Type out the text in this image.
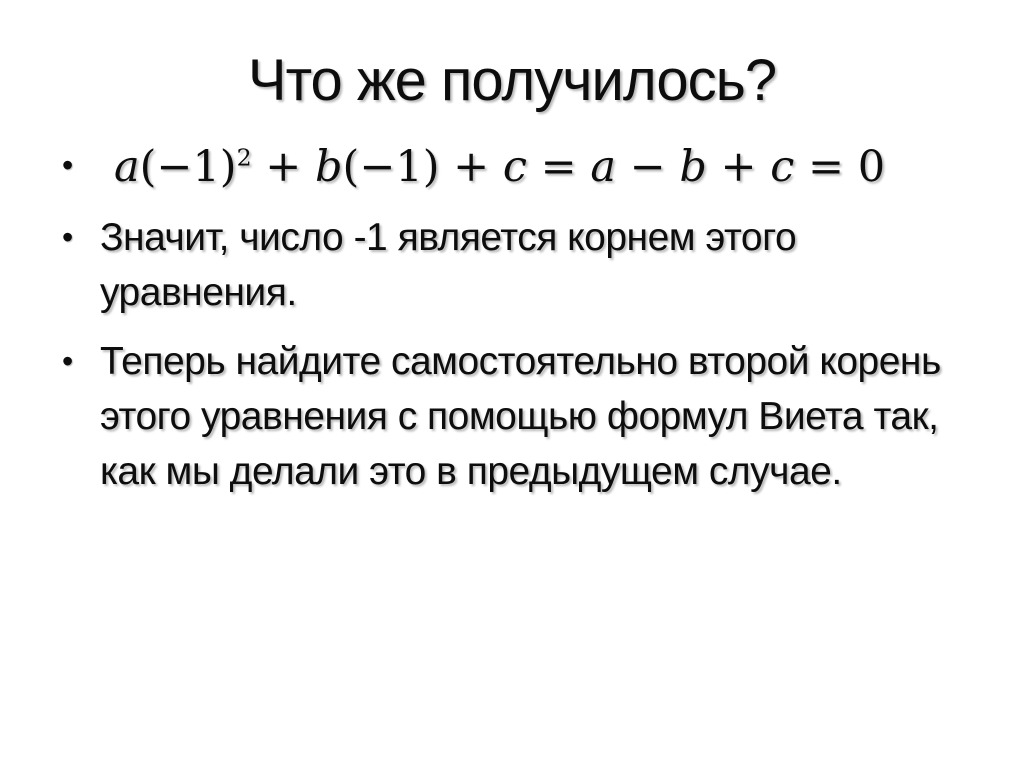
Что же получилось?
• $a(-1)^2 + b(-1) + c = a - b + c = 0$
• Значит, число -1 является корнем этого уравнения.
• Теперь найдите самостоятельно второй корень этого уравнения с помощью формул Виета так, как мы делали это в предыдущем случае.
